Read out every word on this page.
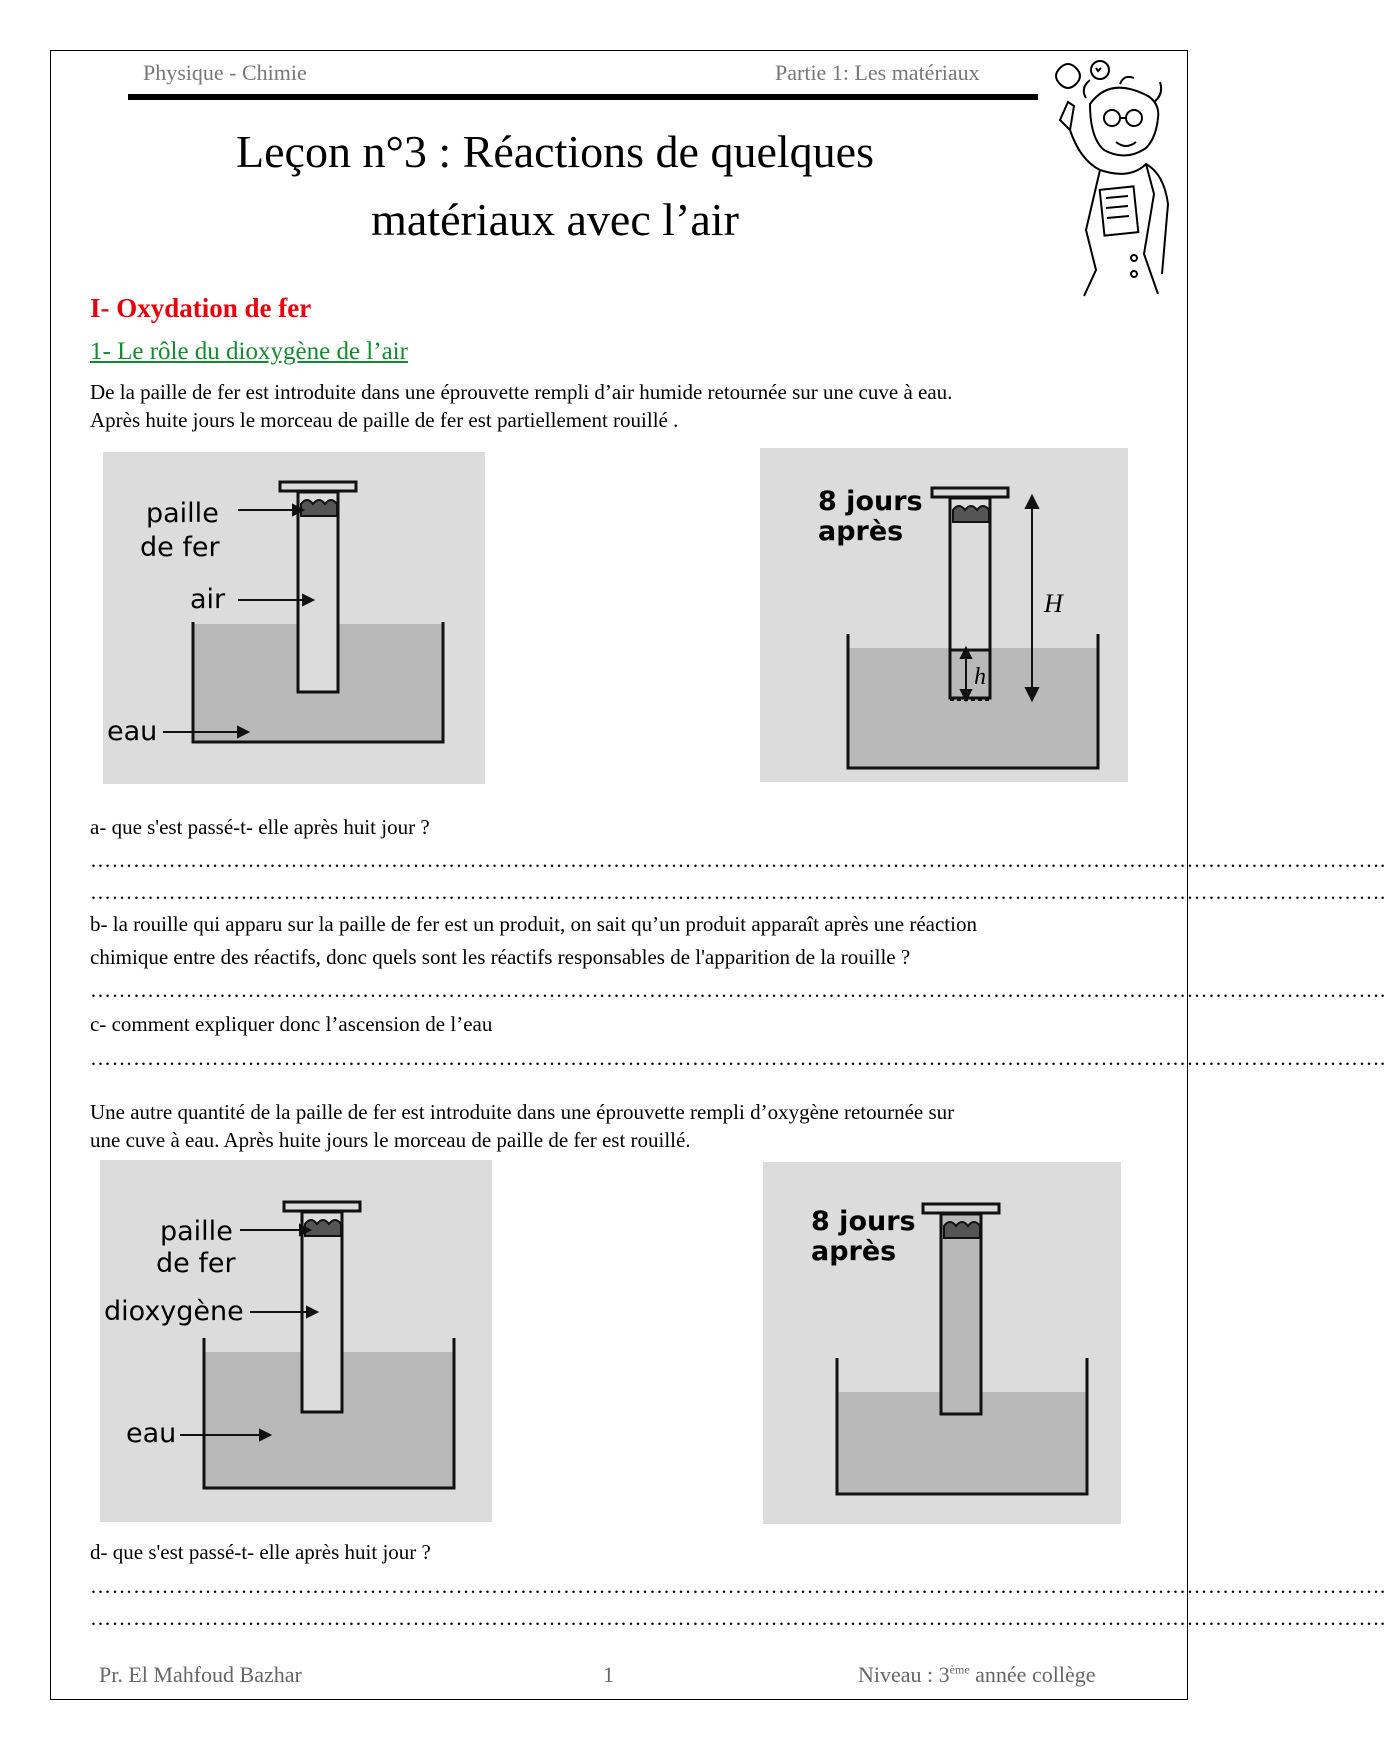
Physique - Chimie	Partie 1: Les matériaux
Leçon n°3 : Réactions de quelques
matériaux avec l’air
I- Oxydation de fer
1- Le rôle du dioxygène de l’air
De la paille de fer est introduite dans une éprouvette rempli d’air humide retournée sur une cuve à eau.
Après huite jours le morceau de paille de fer est partiellement rouillé .
paille
de fer
air
eau
8 jours
après
H
h
a- que s'est passé-t- elle après huit jour ?
……………………………………………………………………………………………………………………………………………………………….
……………………………………………………………………………………………………………………………………………………………….
b- la rouille qui apparu sur la paille de fer est un produit, on sait qu’un produit apparaît après une réaction
chimique entre des réactifs, donc quels sont les réactifs responsables de l'apparition de la rouille ?
……………………………………………………………………………………………………………………………………………………………….
c- comment expliquer donc l’ascension de l’eau
……………………………………………………………………………………………………………………………………………………………….
Une autre quantité de la paille de fer est introduite dans une éprouvette rempli d’oxygène retournée sur
une cuve à eau. Après huite jours le morceau de paille de fer est rouillé.
paille
de fer
dioxygène
eau
8 jours
après
d- que s'est passé-t- elle après huit jour ?
……………………………………………………………………………………………………………………………………………………………….
……………………………………………………………………………………………………………………………………………………………….
Pr. El Mahfoud Bazhar	1	Niveau : 3ème année collège
